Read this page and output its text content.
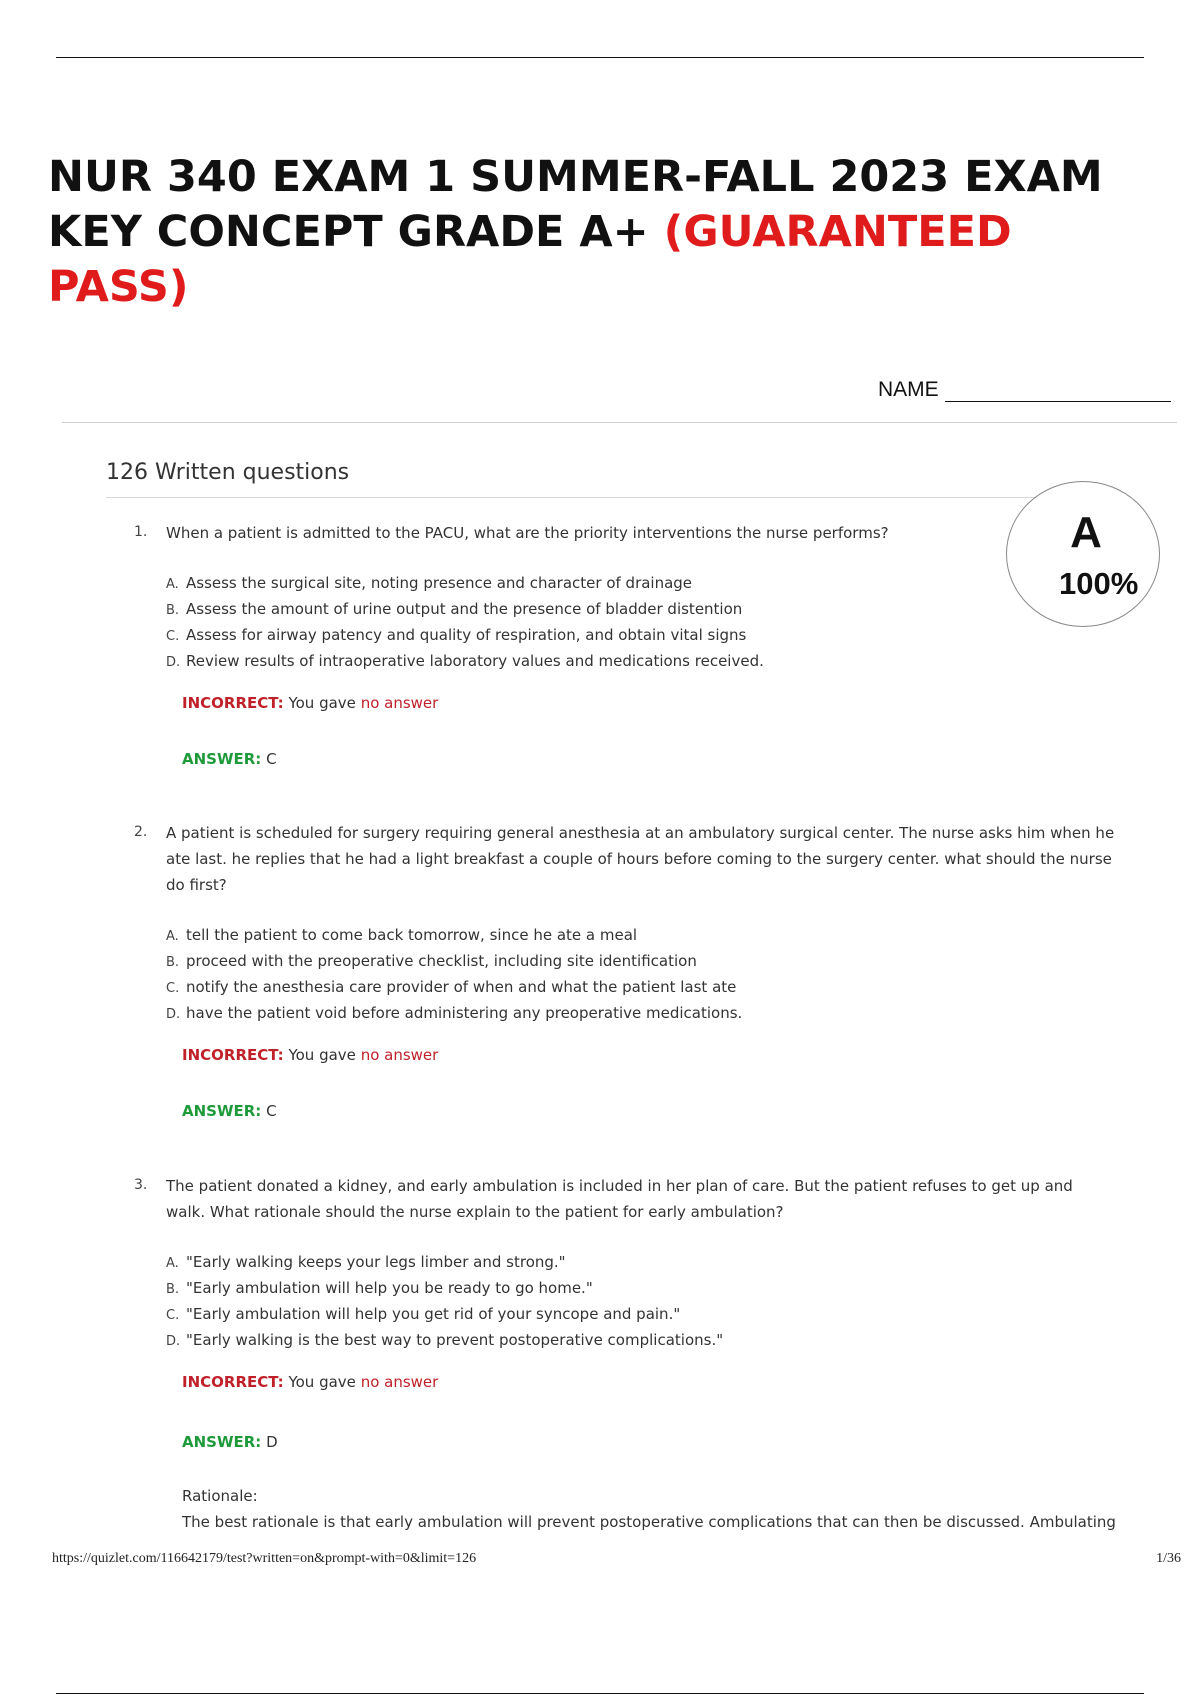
NUR 340 EXAM 1 SUMMER-FALL 2023 EXAM KEY CONCEPT GRADE A+ (GUARANTEED PASS)
NAME
126 Written questions
A
100%
1. When a patient is admitted to the PACU, what are the priority interventions the nurse performs?
A. Assess the surgical site, noting presence and character of drainage
B. Assess the amount of urine output and the presence of bladder distention
C. Assess for airway patency and quality of respiration, and obtain vital signs
D. Review results of intraoperative laboratory values and medications received.
INCORRECT: You gave no answer
ANSWER: C
2. A patient is scheduled for surgery requiring general anesthesia at an ambulatory surgical center. The nurse asks him when he ate last. he replies that he had a light breakfast a couple of hours before coming to the surgery center. what should the nurse do first?
A. tell the patient to come back tomorrow, since he ate a meal
B. proceed with the preoperative checklist, including site identification
C. notify the anesthesia care provider of when and what the patient last ate
D. have the patient void before administering any preoperative medications.
INCORRECT: You gave no answer
ANSWER: C
3. The patient donated a kidney, and early ambulation is included in her plan of care. But the patient refuses to get up and walk. What rationale should the nurse explain to the patient for early ambulation?
A. "Early walking keeps your legs limber and strong."
B. "Early ambulation will help you be ready to go home."
C. "Early ambulation will help you get rid of your syncope and pain."
D. "Early walking is the best way to prevent postoperative complications."
INCORRECT: You gave no answer
ANSWER: D
Rationale:
The best rationale is that early ambulation will prevent postoperative complications that can then be discussed. Ambulating
https://quizlet.com/116642179/test?written=on&prompt-with=0&limit=126	1/36
